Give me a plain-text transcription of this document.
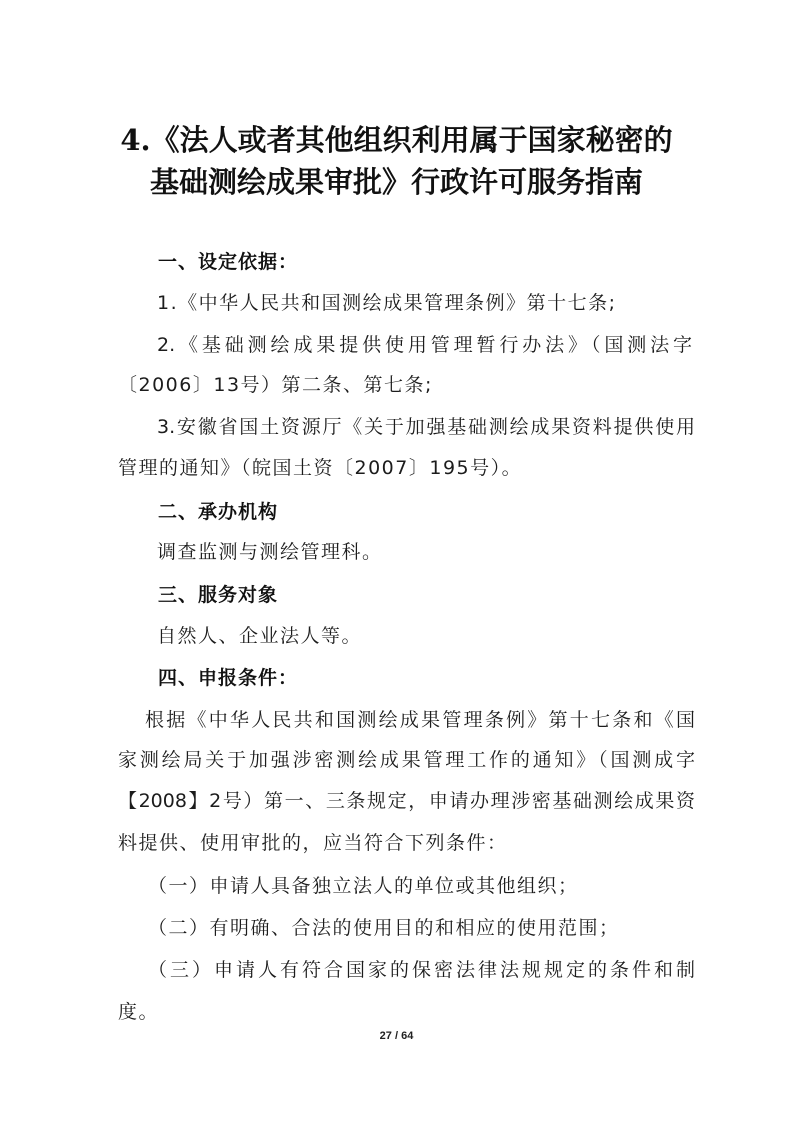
4.《法人或者其他组织利用属于国家秘密的
基础测绘成果审批》行政许可服务指南
一、设定依据：
1.《中华人民共和国测绘成果管理条例》第十七条;
2.《基础测绘成果提供使用管理暂行办法》（国测法字
〔2006〕13号）第二条、第七条;
3.安徽省国土资源厅《关于加强基础测绘成果资料提供使用
管理的通知》（皖国土资〔2007〕195号）。
二、承办机构
调查监测与测绘管理科。
三、服务对象
自然人、企业法人等。
四、申报条件：
根据《中华人民共和国测绘成果管理条例》第十七条和《国
家测绘局关于加强涉密测绘成果管理工作的通知》（国测成字
【2008】2号）第一、三条规定，申请办理涉密基础测绘成果资
料提供、使用审批的，应当符合下列条件：
（一）申请人具备独立法人的单位或其他组织；
（二）有明确、合法的使用目的和相应的使用范围；
（三）申请人有符合国家的保密法律法规规定的条件和制
度。
27 / 64
